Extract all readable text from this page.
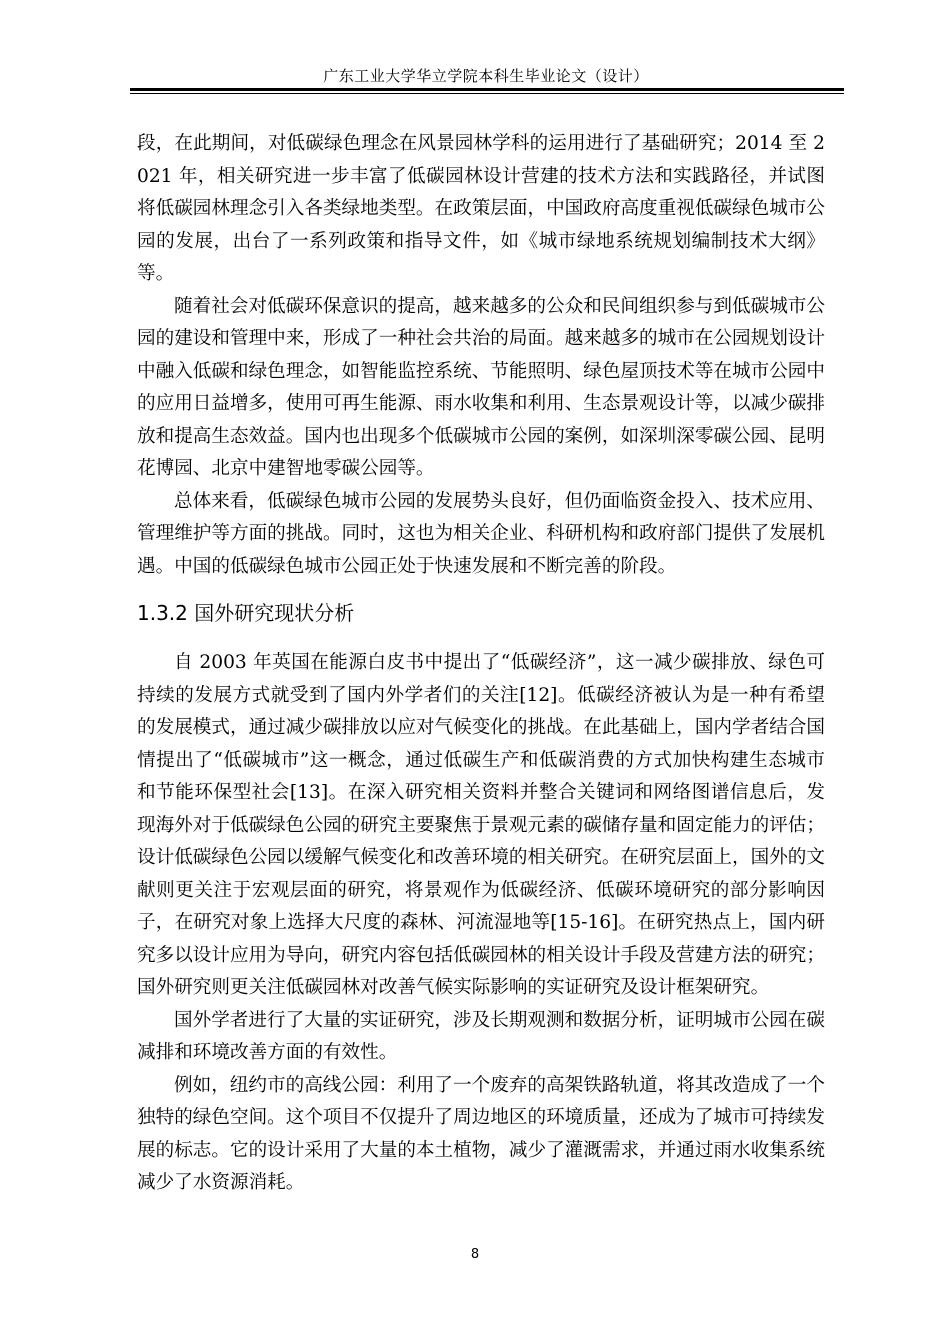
广东工业大学华立学院本科生毕业论文（设计）

段，在此期间，对低碳绿色理念在风景园林学科的运用进行了基础研究；2014 至 2021 年，相关研究进一步丰富了低碳园林设计营建的技术方法和实践路径，并试图将低碳园林理念引入各类绿地类型。在政策层面，中国政府高度重视低碳绿色城市公园的发展，出台了一系列政策和指导文件，如《城市绿地系统规划编制技术大纲》等。

随着社会对低碳环保意识的提高，越来越多的公众和民间组织参与到低碳城市公园的建设和管理中来，形成了一种社会共治的局面。越来越多的城市在公园规划设计中融入低碳和绿色理念，如智能监控系统、节能照明、绿色屋顶技术等在城市公园中的应用日益增多，使用可再生能源、雨水收集和利用、生态景观设计等，以减少碳排放和提高生态效益。国内也出现多个低碳城市公园的案例，如深圳深零碳公园、昆明花博园、北京中建智地零碳公园等。

总体来看，低碳绿色城市公园的发展势头良好，但仍面临资金投入、技术应用、管理维护等方面的挑战。同时，这也为相关企业、科研机构和政府部门提供了发展机遇。中国的低碳绿色城市公园正处于快速发展和不断完善的阶段。

1.3.2 国外研究现状分析

自 2003 年英国在能源白皮书中提出了“低碳经济”，这一减少碳排放、绿色可持续的发展方式就受到了国内外学者们的关注[12]。低碳经济被认为是一种有希望的发展模式，通过减少碳排放以应对气候变化的挑战。在此基础上，国内学者结合国情提出了“低碳城市”这一概念，通过低碳生产和低碳消费的方式加快构建生态城市和节能环保型社会[13]。在深入研究相关资料并整合关键词和网络图谱信息后，发现海外对于低碳绿色公园的研究主要聚焦于景观元素的碳储存量和固定能力的评估；设计低碳绿色公园以缓解气候变化和改善环境的相关研究。在研究层面上，国外的文献则更关注于宏观层面的研究，将景观作为低碳经济、低碳环境研究的部分影响因子，在研究对象上选择大尺度的森林、河流湿地等[15-16]。在研究热点上，国内研究多以设计应用为导向，研究内容包括低碳园林的相关设计手段及营建方法的研究；国外研究则更关注低碳园林对改善气候实际影响的实证研究及设计框架研究。

国外学者进行了大量的实证研究，涉及长期观测和数据分析，证明城市公园在碳减排和环境改善方面的有效性。

例如，纽约市的高线公园：利用了一个废弃的高架铁路轨道，将其改造成了一个独特的绿色空间。这个项目不仅提升了周边地区的环境质量，还成为了城市可持续发展的标志。它的设计采用了大量的本土植物，减少了灌溉需求，并通过雨水收集系统减少了水资源消耗。

8
